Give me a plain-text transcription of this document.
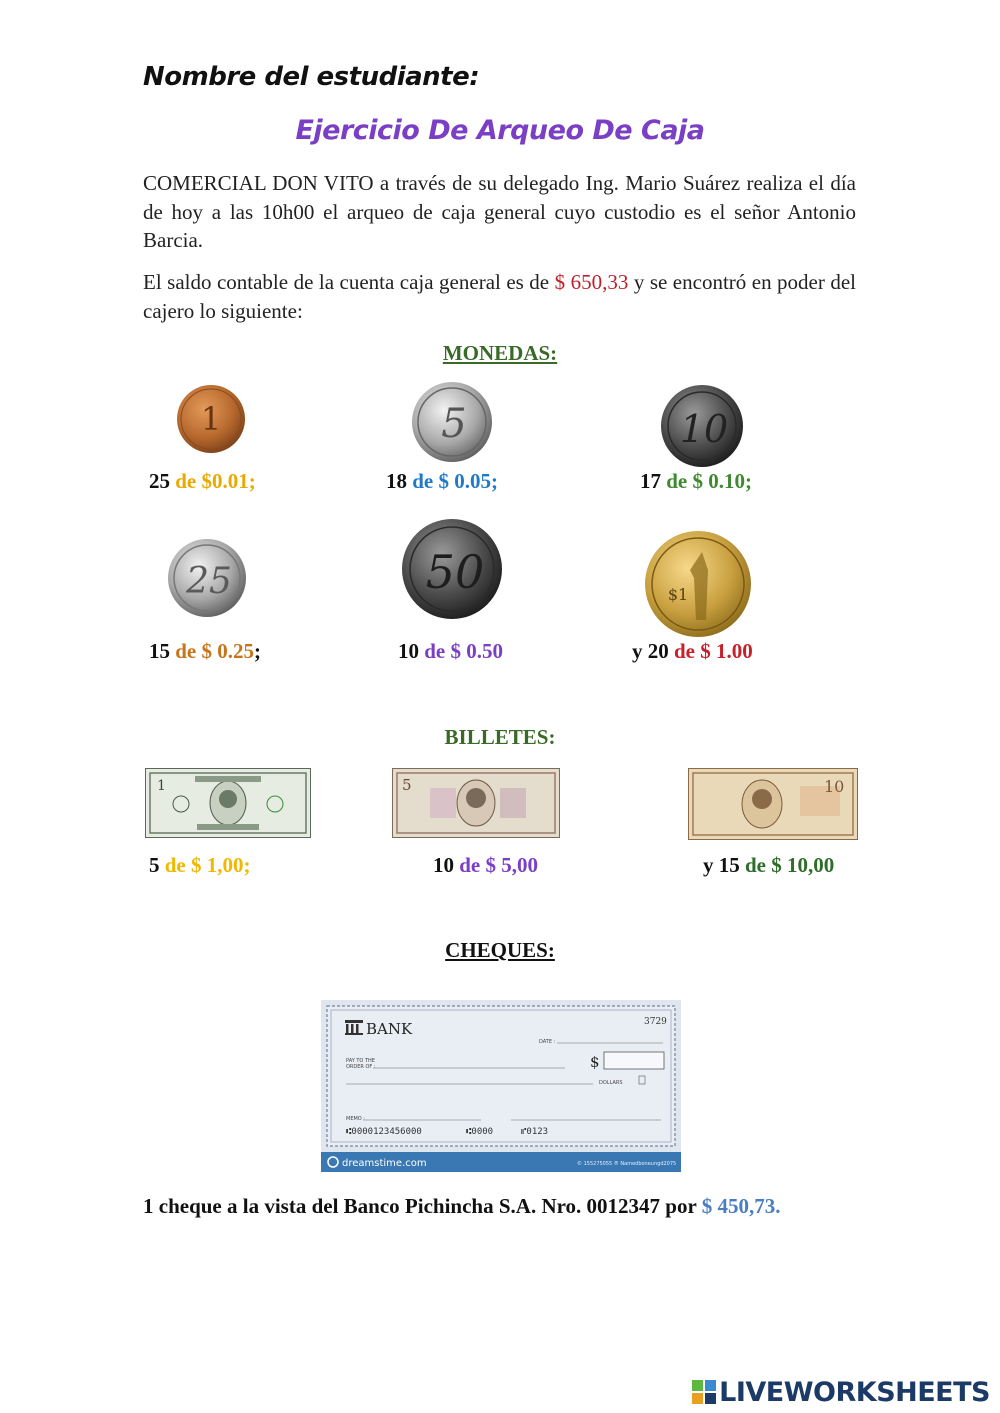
Nombre del estudiante:
Ejercicio De Arqueo De Caja
COMERCIAL DON VITO a través de su delegado Ing. Mario Suárez realiza el día de hoy a las 10h00 el arqueo de caja general cuyo custodio es el señor Antonio Barcia.
El saldo contable de la cuenta caja general es de $ 650,33 y se encontró en poder del cajero lo siguiente:
MONEDAS:
1	5	10
25	50	$1
25 de $0.01;	18 de $ 0.05;	17 de $ 0.10;
15 de $ 0.25;	10 de $ 0.50	y 20 de $ 1.00
BILLETES:
1	5	10
5 de $ 1,00;	10 de $ 5,00	y 15 de $ 10,00
CHEQUES:
BANK	3729
DATE :
PAY TO THE
ORDER OF :	$
DOLLARS
MEMO :
⑆0000123456000	⑆0000	⑈0123
dreamstime.com	© 155275055 ® Namedboneungd2075
1 cheque a la vista del Banco Pichincha S.A. Nro. 0012347 por $ 450,73.
LIVEWORKSHEETS
